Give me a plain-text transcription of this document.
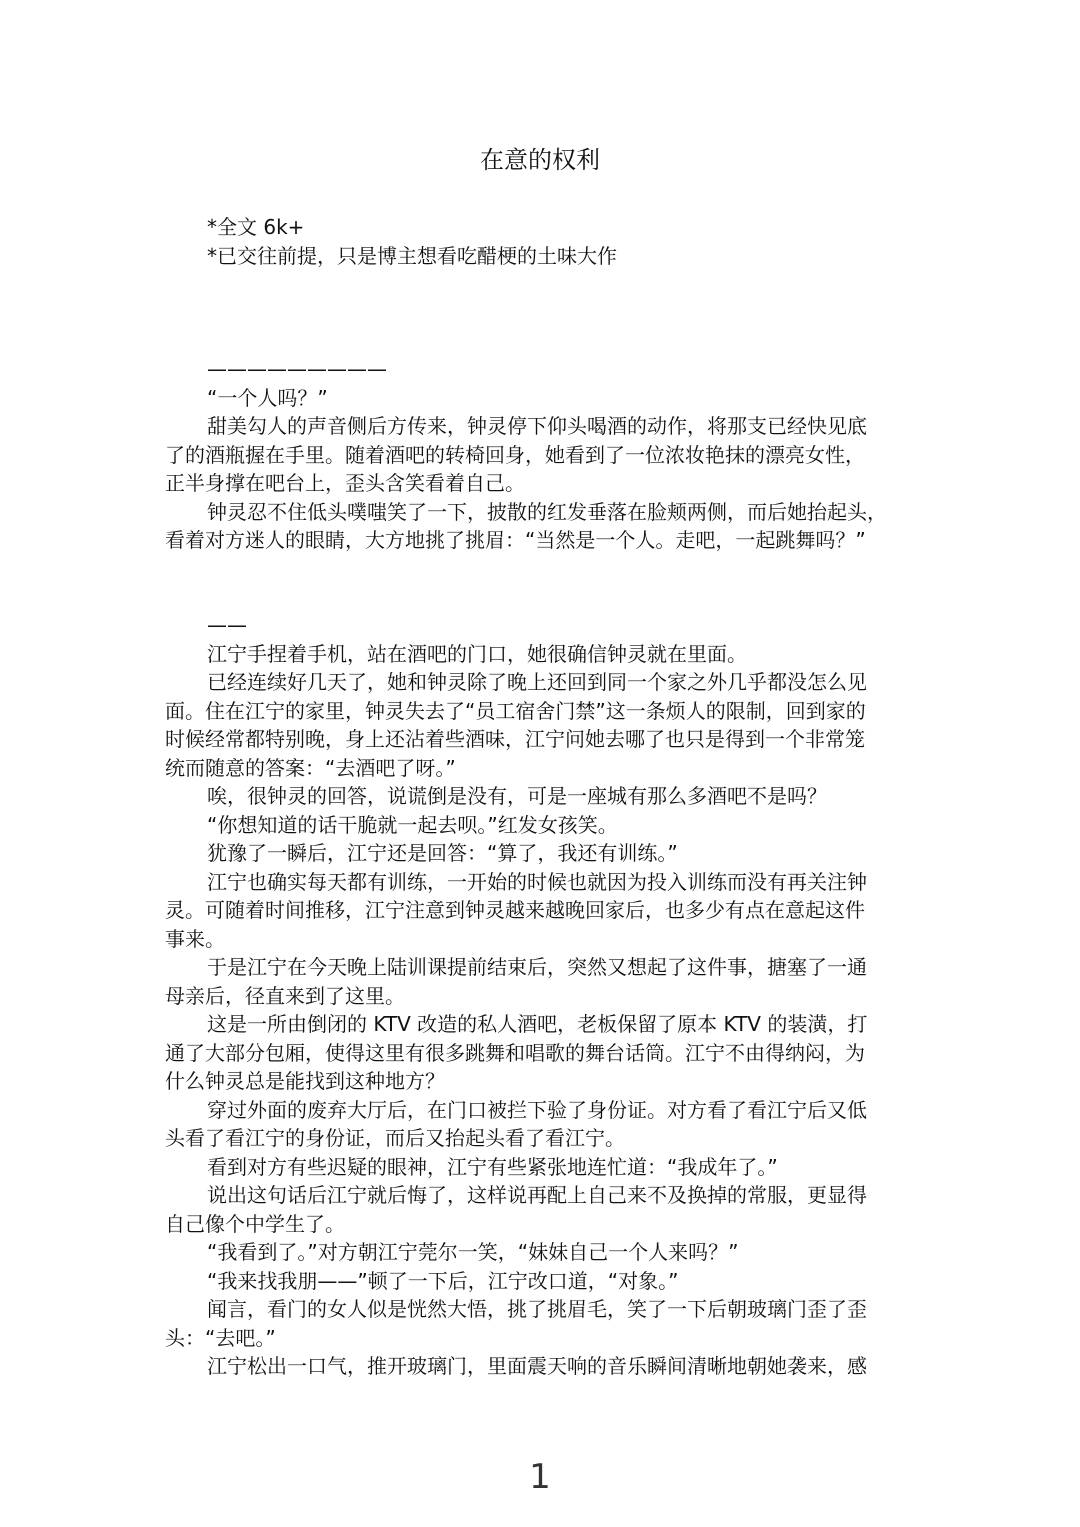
在意的权利

*全文 6k+

*已交往前提，只是博主想看吃醋梗的土味大作

—————————

“一个人吗？”

甜美勾人的声音侧后方传来，钟灵停下仰头喝酒的动作，将那支已经快见底

了的酒瓶握在手里。随着酒吧的转椅回身，她看到了一位浓妆艳抹的漂亮女性，

正半身撑在吧台上，歪头含笑看着自己。

钟灵忍不住低头噗嗤笑了一下，披散的红发垂落在脸颊两侧，而后她抬起头，

看着对方迷人的眼睛，大方地挑了挑眉：“当然是一个人。走吧，一起跳舞吗？”

——

江宁手捏着手机，站在酒吧的门口，她很确信钟灵就在里面。

已经连续好几天了，她和钟灵除了晚上还回到同一个家之外几乎都没怎么见

面。住在江宁的家里，钟灵失去了“员工宿舍门禁”这一条烦人的限制，回到家的

时候经常都特别晚，身上还沾着些酒味，江宁问她去哪了也只是得到一个非常笼

统而随意的答案：“去酒吧了呀。”

唉，很钟灵的回答，说谎倒是没有，可是一座城有那么多酒吧不是吗？

“你想知道的话干脆就一起去呗。”红发女孩笑。

犹豫了一瞬后，江宁还是回答：“算了，我还有训练。”

江宁也确实每天都有训练，一开始的时候也就因为投入训练而没有再关注钟

灵。可随着时间推移，江宁注意到钟灵越来越晚回家后，也多少有点在意起这件

事来。

于是江宁在今天晚上陆训课提前结束后，突然又想起了这件事，搪塞了一通

母亲后，径直来到了这里。

这是一所由倒闭的 KTV 改造的私人酒吧，老板保留了原本 KTV 的装潢，打

通了大部分包厢，使得这里有很多跳舞和唱歌的舞台话筒。江宁不由得纳闷，为

什么钟灵总是能找到这种地方？

穿过外面的废弃大厅后，在门口被拦下验了身份证。对方看了看江宁后又低

头看了看江宁的身份证，而后又抬起头看了看江宁。

看到对方有些迟疑的眼神，江宁有些紧张地连忙道：“我成年了。”

说出这句话后江宁就后悔了，这样说再配上自己来不及换掉的常服，更显得

自己像个中学生了。

“我看到了。”对方朝江宁莞尔一笑，“妹妹自己一个人来吗？”

“我来找我朋——”顿了一下后，江宁改口道，“对象。”

闻言，看门的女人似是恍然大悟，挑了挑眉毛，笑了一下后朝玻璃门歪了歪

头：“去吧。”

江宁松出一口气，推开玻璃门，里面震天响的音乐瞬间清晰地朝她袭来，感

1
